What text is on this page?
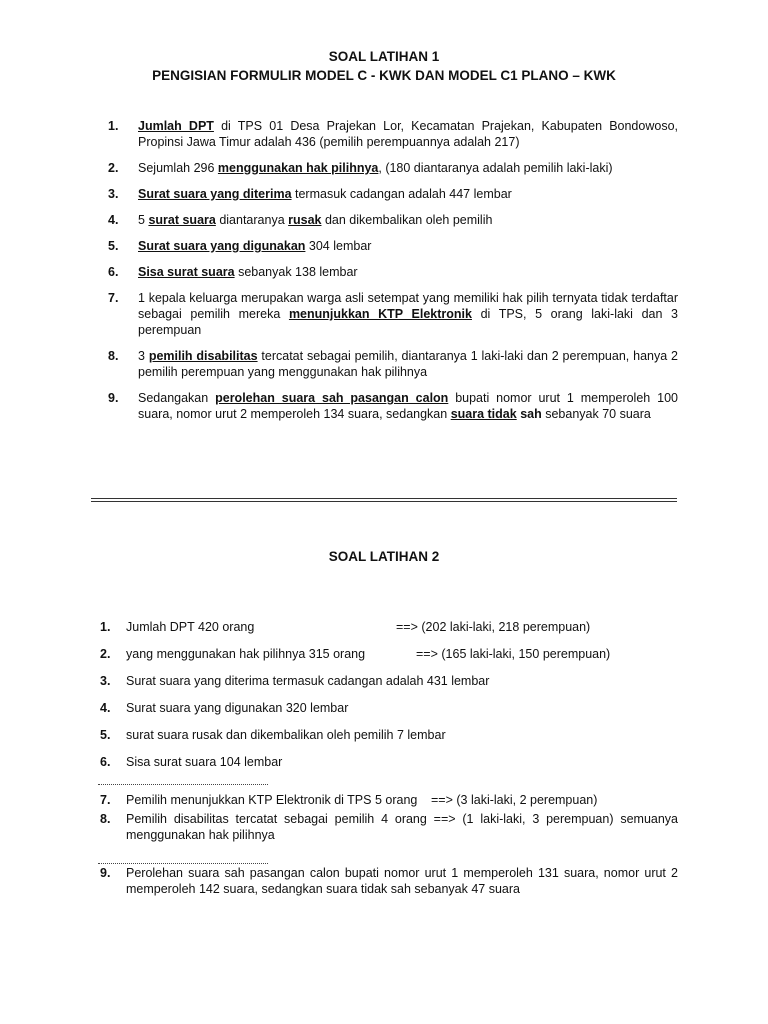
SOAL LATIHAN 1
PENGISIAN FORMULIR MODEL C - KWK DAN MODEL C1 PLANO – KWK
1. Jumlah DPT di TPS 01 Desa Prajekan Lor, Kecamatan Prajekan, Kabupaten Bondowoso, Propinsi Jawa Timur adalah 436 (pemilih perempuannya adalah 217)
2. Sejumlah 296 menggunakan hak pilihnya, (180 diantaranya adalah pemilih laki-laki)
3. Surat suara yang diterima termasuk cadangan adalah 447 lembar
4. 5 surat suara diantaranya rusak dan dikembalikan oleh pemilih
5. Surat suara yang digunakan 304 lembar
6. Sisa surat suara sebanyak 138 lembar
7. 1 kepala keluarga merupakan warga asli setempat yang memiliki hak pilih ternyata tidak terdaftar sebagai pemilih mereka menunjukkan KTP Elektronik di TPS, 5 orang laki-laki dan 3 perempuan
8. 3 pemilih disabilitas tercatat sebagai pemilih, diantaranya 1 laki-laki dan 2 perempuan, hanya 2 pemilih perempuan yang menggunakan hak pilihnya
9. Sedangakan perolehan suara sah pasangan calon bupati nomor urut 1 memperoleh 100 suara, nomor urut 2 memperoleh 134 suara, sedangkan suara tidak sah sebanyak 70 suara
SOAL LATIHAN 2
1. Jumlah DPT 420 orang	==> (202 laki-laki, 218 perempuan)
2. yang menggunakan hak pilihnya 315 orang	==> (165 laki-laki, 150 perempuan)
3. Surat suara yang diterima termasuk cadangan adalah 431 lembar
4. Surat suara yang digunakan 320 lembar
5. surat suara rusak dan dikembalikan oleh pemilih 7 lembar
6. Sisa surat suara 104 lembar
7. Pemilih menunjukkan KTP Elektronik di TPS 5 orang	==> (3 laki-laki, 2 perempuan)
8. Pemilih disabilitas tercatat sebagai pemilih 4 orang ==> (1 laki-laki, 3 perempuan) semuanya menggunakan hak pilihnya
9. Perolehan suara sah pasangan calon bupati nomor urut 1 memperoleh 131 suara, nomor urut 2 memperoleh 142 suara, sedangkan suara tidak sah sebanyak 47 suara
